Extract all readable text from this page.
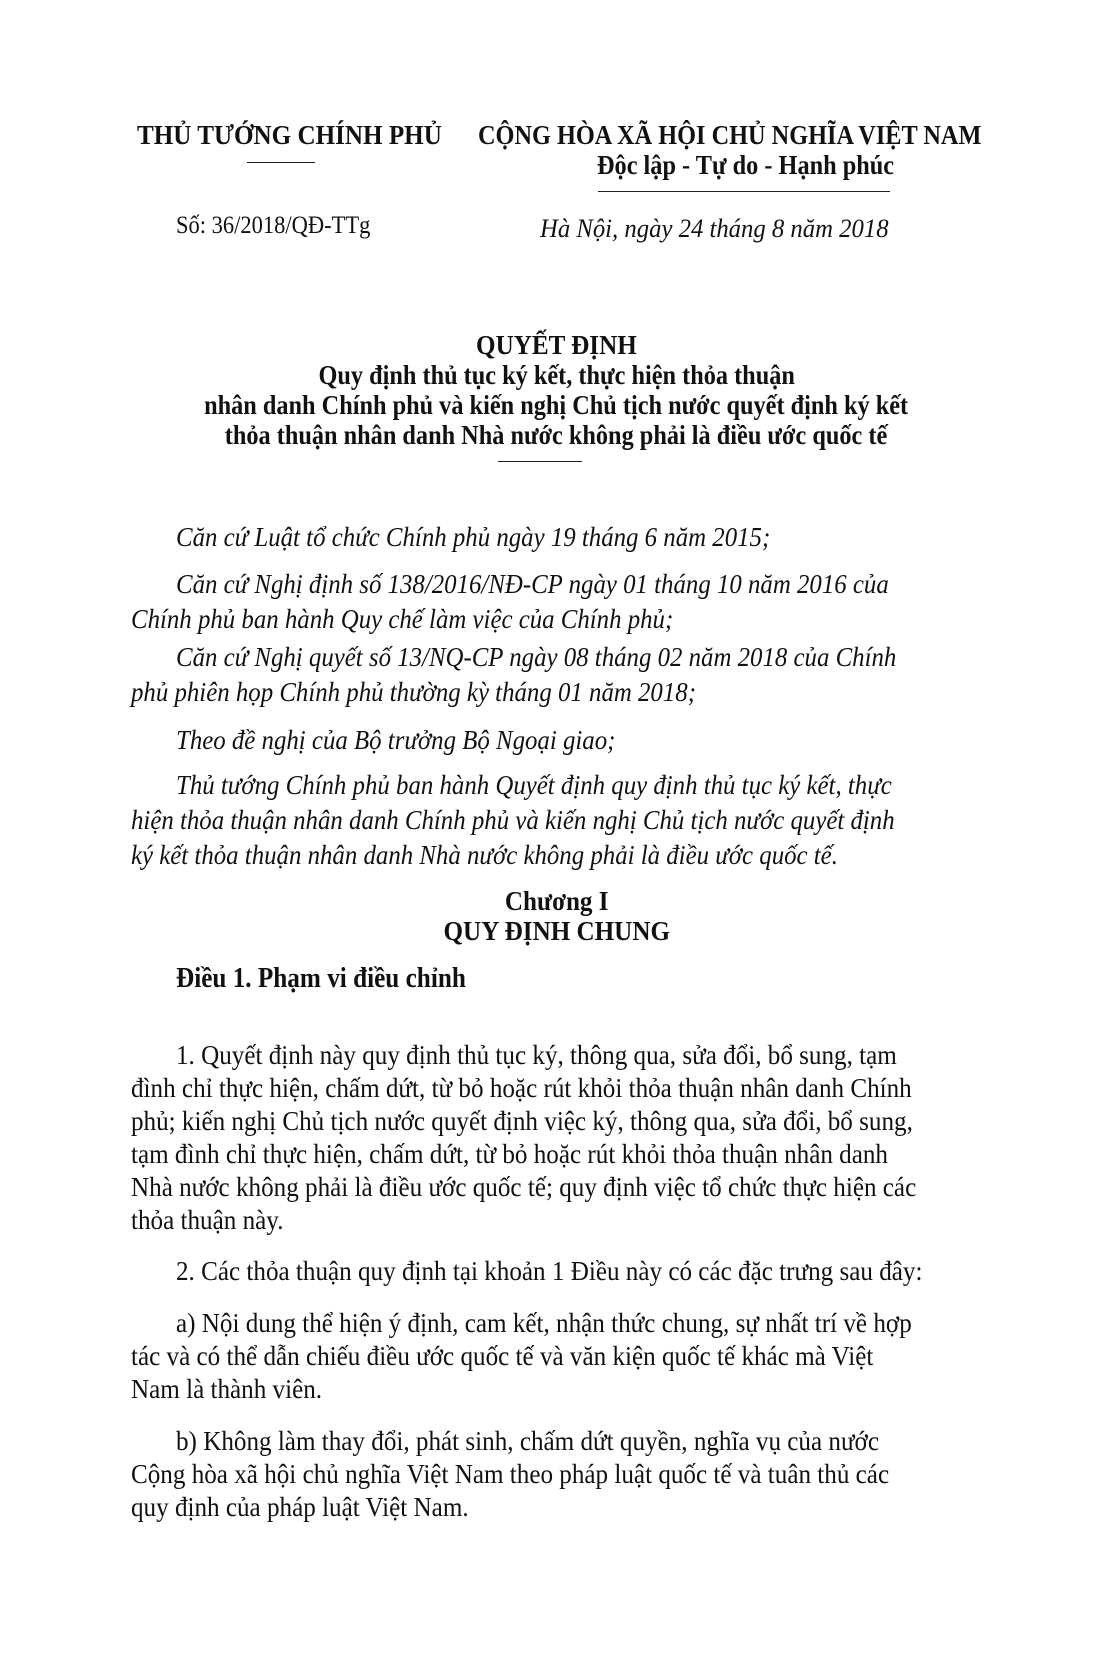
THỦ TƯỚNG CHÍNH PHỦ
Số: 36/2018/QĐ-TTg
CỘNG HÒA XÃ HỘI CHỦ NGHĨA VIỆT NAM
Độc lập - Tự do - Hạnh phúc
Hà Nội, ngày 24 tháng 8 năm 2018
QUYẾT ĐỊNH
Quy định thủ tục ký kết, thực hiện thỏa thuận
nhân danh Chính phủ và kiến nghị Chủ tịch nước quyết định ký kết
thỏa thuận nhân danh Nhà nước không phải là điều ước quốc tế
Căn cứ Luật tổ chức Chính phủ ngày 19 tháng 6 năm 2015;
Căn cứ Nghị định số 138/2016/NĐ-CP ngày 01 tháng 10 năm 2016 của
Chính phủ ban hành Quy chế làm việc của Chính phủ;
Căn cứ Nghị quyết số 13/NQ-CP ngày 08 tháng 02 năm 2018 của Chính
phủ phiên họp Chính phủ thường kỳ tháng 01 năm 2018;
Theo đề nghị của Bộ trưởng Bộ Ngoại giao;
Thủ tướng Chính phủ ban hành Quyết định quy định thủ tục ký kết, thực
hiện thỏa thuận nhân danh Chính phủ và kiến nghị Chủ tịch nước quyết định
ký kết thỏa thuận nhân danh Nhà nước không phải là điều ước quốc tế.
Chương I
QUY ĐỊNH CHUNG
Điều 1. Phạm vi điều chỉnh
1. Quyết định này quy định thủ tục ký, thông qua, sửa đổi, bổ sung, tạm
đình chỉ thực hiện, chấm dứt, từ bỏ hoặc rút khỏi thỏa thuận nhân danh Chính
phủ; kiến nghị Chủ tịch nước quyết định việc ký, thông qua, sửa đổi, bổ sung,
tạm đình chỉ thực hiện, chấm dứt, từ bỏ hoặc rút khỏi thỏa thuận nhân danh
Nhà nước không phải là điều ước quốc tế; quy định việc tổ chức thực hiện các
thỏa thuận này.
2. Các thỏa thuận quy định tại khoản 1 Điều này có các đặc trưng sau đây:
a) Nội dung thể hiện ý định, cam kết, nhận thức chung, sự nhất trí về hợp
tác và có thể dẫn chiếu điều ước quốc tế và văn kiện quốc tế khác mà Việt
Nam là thành viên.
b) Không làm thay đổi, phát sinh, chấm dứt quyền, nghĩa vụ của nước
Cộng hòa xã hội chủ nghĩa Việt Nam theo pháp luật quốc tế và tuân thủ các
quy định của pháp luật Việt Nam.
